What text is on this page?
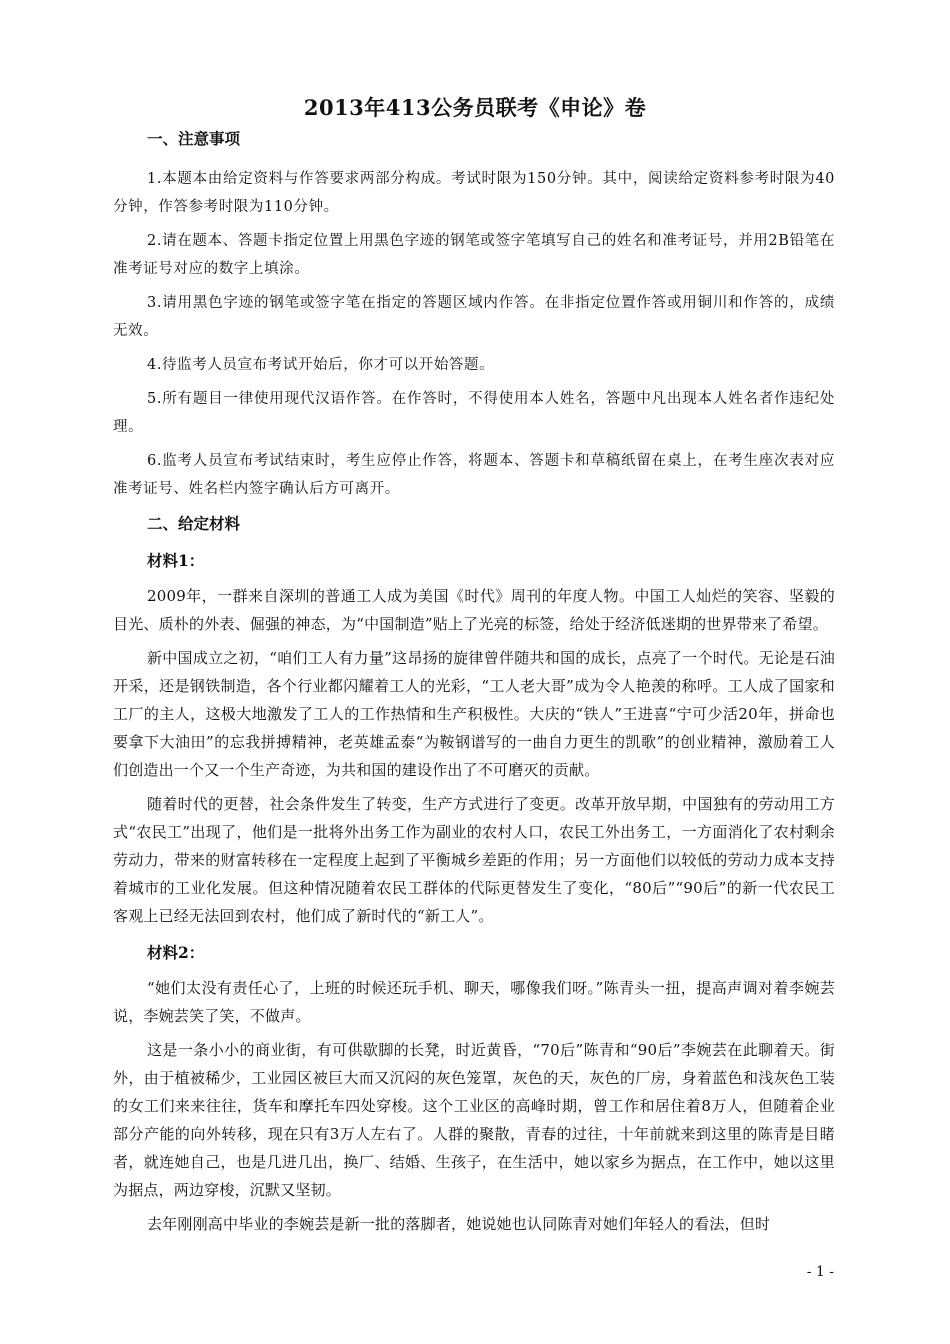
2013年413公务员联考《申论》卷
一、注意事项

1.本题本由给定资料与作答要求两部分构成。考试时限为150分钟。其中，阅读给定资料参考时限为40分钟，作答参考时限为110分钟。

2.请在题本、答题卡指定位置上用黑色字迹的钢笔或签字笔填写自己的姓名和准考证号，并用2B铅笔在准考证号对应的数字上填涂。

3.请用黑色字迹的钢笔或签字笔在指定的答题区域内作答。在非指定位置作答或用铜川和作答的，成绩无效。

4.待监考人员宣布考试开始后，你才可以开始答题。

5.所有题目一律使用现代汉语作答。在作答时，不得使用本人姓名，答题中凡出现本人姓名者作违纪处理。

6.监考人员宣布考试结束时，考生应停止作答，将题本、答题卡和草稿纸留在桌上，在考生座次表对应准考证号、姓名栏内签字确认后方可离开。

二、给定材料
材料1：

2009年，一群来自深圳的普通工人成为美国《时代》周刊的年度人物。中国工人灿烂的笑容、坚毅的目光、质朴的外表、倔强的神态，为“中国制造”贴上了光亮的标签，给处于经济低迷期的世界带来了希望。

新中国成立之初，“咱们工人有力量”这昂扬的旋律曾伴随共和国的成长，点亮了一个时代。无论是石油开采，还是钢铁制造，各个行业都闪耀着工人的光彩，“工人老大哥”成为令人艳羡的称呼。工人成了国家和工厂的主人，这极大地激发了工人的工作热情和生产积极性。大庆的“铁人”王进喜“宁可少活20年，拼命也要拿下大油田”的忘我拼搏精神，老英雄孟泰“为鞍钢谱写的一曲自力更生的凯歌”的创业精神，激励着工人们创造出一个又一个生产奇迹，为共和国的建设作出了不可磨灭的贡献。

随着时代的更替，社会条件发生了转变，生产方式进行了变更。改革开放早期，中国独有的劳动用工方式“农民工”出现了，他们是一批将外出务工作为副业的农村人口，农民工外出务工，一方面消化了农村剩余劳动力，带来的财富转移在一定程度上起到了平衡城乡差距的作用；另一方面他们以较低的劳动力成本支持着城市的工业化发展。但这种情况随着农民工群体的代际更替发生了变化，“80后”“90后”的新一代农民工客观上已经无法回到农村，他们成了新时代的“新工人”。

材料2：

“她们太没有责任心了，上班的时候还玩手机、聊天，哪像我们呀。”陈青头一扭，提高声调对着李婉芸说，李婉芸笑了笑，不做声。

这是一条小小的商业街，有可供歇脚的长凳，时近黄昏，“70后”陈青和“90后”李婉芸在此聊着天。街外，由于植被稀少，工业园区被巨大而又沉闷的灰色笼罩，灰色的天，灰色的厂房，身着蓝色和浅灰色工装的女工们来来往往，货车和摩托车四处穿梭。这个工业区的高峰时期，曾工作和居住着8万人，但随着企业部分产能的向外转移，现在只有3万人左右了。人群的聚散，青春的过往，十年前就来到这里的陈青是目睹者，就连她自己，也是几进几出，换厂、结婚、生孩子，在生活中，她以家乡为据点，在工作中，她以这里为据点，两边穿梭，沉默又坚韧。

去年刚刚高中毕业的李婉芸是新一批的落脚者，她说她也认同陈青对她们年轻人的看法，但时

- 1 -
